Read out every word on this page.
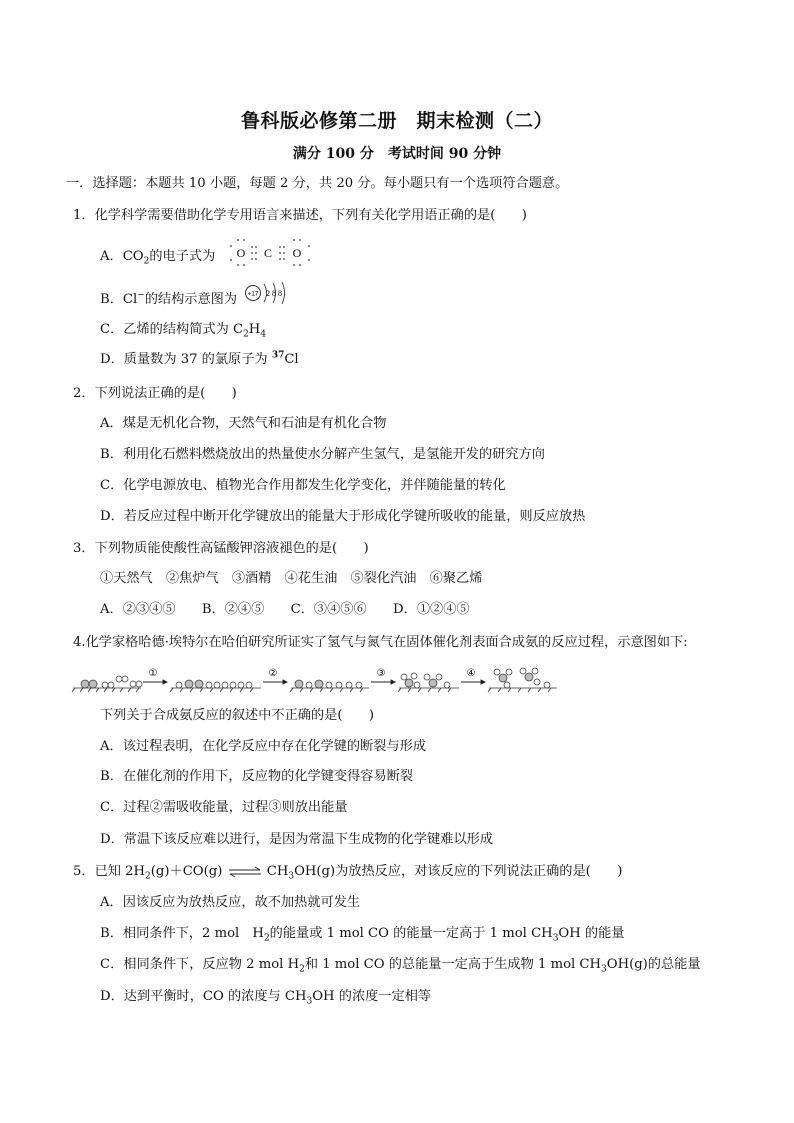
鲁科版必修第二册　期末检测（二）
满分 100 分　考试时间 90 分钟
一．选择题：本题共 10 小题，每题 2 分，共 20 分。每小题只有一个选项符合题意。
1．化学科学需要借助化学专用语言来描述，下列有关化学用语正确的是(　　)
A．$CO_2$的电子式为 O C O
B．Cl−的结构示意图为 +17 2 8 8
C．乙烯的结构简式为 $C_2H_4$
D．质量数为 37 的氯原子为 $^{37}$Cl
2．下列说法正确的是(　　)
A．煤是无机化合物，天然气和石油是有机化合物
B．利用化石燃料燃烧放出的热量使水分解产生氢气，是氢能开发的研究方向
C．化学电源放电、植物光合作用都发生化学变化，并伴随能量的转化
D．若反应过程中断开化学键放出的能量大于形成化学键所吸收的能量，则反应放热
3．下列物质能使酸性高锰酸钾溶液褪色的是(　　)
①天然气　②焦炉气　③酒精　④花生油　⑤裂化汽油　⑥聚乙烯
A．②③④⑤　　B．②④⑤　　C．③④⑤⑥　　D．①②④⑤
4.化学家格哈德·埃特尔在哈伯研究所证实了氢气与氮气在固体催化剂表面合成氨的反应过程，示意图如下:
①	②	③	④
下列关于合成氨反应的叙述中不正确的是(　　)
A．该过程表明，在化学反应中存在化学键的断裂与形成
B．在催化剂的作用下，反应物的化学键变得容易断裂
C．过程②需吸收能量，过程③则放出能量
D．常温下该反应难以进行，是因为常温下生成物的化学键难以形成
5．已知 $2H_2(g)+CO(g)$ ⇌ $CH_3OH(g)$为放热反应，对该反应的下列说法正确的是(　　)
A．因该反应为放热反应，故不加热就可发生
B．相同条件下，2 mol　$H_2$的能量或 1 mol CO 的能量一定高于 1 mol $CH_3OH$ 的能量
C．相同条件下，反应物 2 mol $H_2$和 1 mol CO 的总能量一定高于生成物 1 mol $CH_3OH(g)$的总能量
D．达到平衡时，CO 的浓度与 $CH_3OH$ 的浓度一定相等
